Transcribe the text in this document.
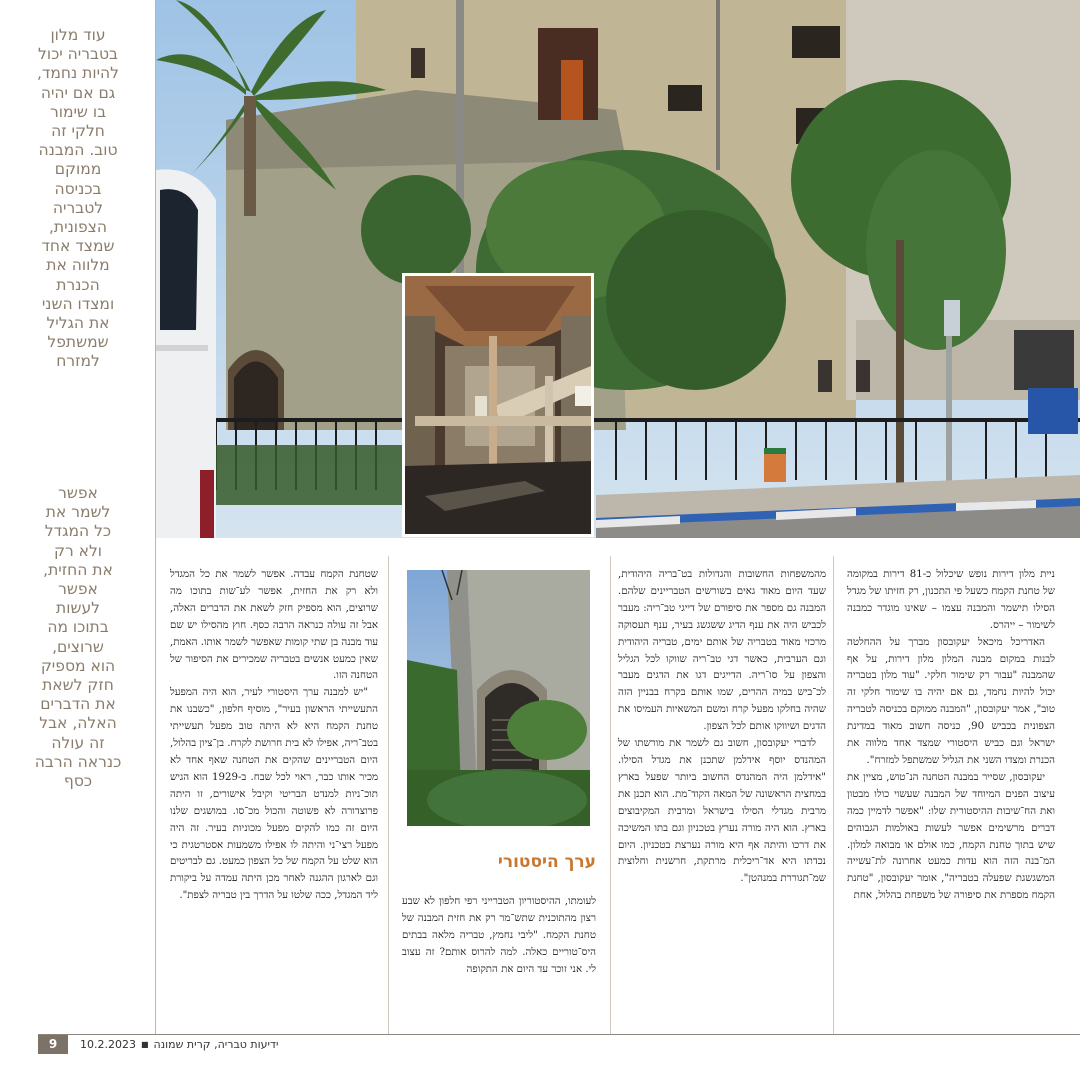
עוד מלון
בטבריה יכול
להיות נחמד,
גם אם יהיה
בו שימור
חלקי זה
טוב. המבנה
ממוקם
בכניסה
לטבריה
הצפונית,
שמצד אחד
מלווה את
הכנרת
ומצדו השני
את הגליל
שמשתפל
למזרח
אפשר
לשמר את
כל המגדל
ולא רק
את החזית,
אפשר
לעשות
בתוכו מה
שרוצים,
הוא מספיק
חזק לשאת
את הדברים
האלה, אבל
זה עולה
כנראה הרבה
כסף

ניית מלון דירות נופש שיכלול כ-81 דירות במקומה של טחנת הקמח כשעל פי התכנון, רק חזיתו של מגדל הסילו תישמר והמבנה עצמו – שאינו מוגדר כמבנה לשימור – ייהרס.

האדריכל מיכאל יעקובסון מברך על ההחלטה לבנות במקום מבנה המלון מלון דירות, על אף שהמבנה "עבור רק שימור חלקי. "עוד מלון בטבריה יכול להיות נחמד, גם אם יהיה בו שימור חלקי זה טוב", אמר יעקובסון, "המבנה ממוקם בכניסה לטבריה הצפונית בכביש 90, כניסה חשוב מאוד במדינת ישראל וגם כביש היסטורי שמצד אחד מלווה את הכנרת ומצדו השני את הגליל שמשתפל למזרח".

יעקובסון, שסייר במבנה הטחנה הנ־טוש, מציין את עיצוב הפנים המיוחד של המבנה שעשוי כולו מבטון ואת הח־שיבות ההיסטורית שלו: "אפשר לדמיין כמה דברים מרשימים אפשר לעשות באולמות הגבוהים שיש בתוך טחנת הקמח, כמו אולם או מבואה למלון. המ־בנה הזה הוא עדות כמעט אחרונה לת־עשייה המשגשגת שפעלה בטבריה", אומר יעקובסון, "טחנת הקמח מספרת את סיפורה של משפחת בהלול, אחת

מהמשפחות החשובות והגדולות בט־בריה היהודית, שעד היום מאוד גאים בשורשים הטבריינים שלהם. המבנה גם מספר את סיפורם של דייגי טב־ריה: מעבר לכביש היה את ענף הדיג ששגשג בעיר, ענף תעסוקה מרכזי מאוד בטבריה של אותם ימים, טבריה היהודית וגם הערבית, כאשר דגי טב־ריה שווקו לכל הגליל והצפון על סו־ריה. הדייגים דגו את הדגים מעבר לכ־ביש במיה ההרים, שמו אותם בקרח בבניין הזה שהיה בחלקו מפעל קרח ומשם המשאיות העמיסו את הדגים ושיווקו אותם לכל הצפון.

לדברי יעקובסון, חשוב גם לשמר את מורשתו של המהנדס יוסף אידלמן שתכנן את מגדל הסילו. "אידלמן היה המהנדס החשוב ביותר שפעל בארץ במחצית הראשונה של המאה הקוד־מת. הוא תכנן את מרבית מגדלי הסילו בישראל ומרבית המקיבוצים בארץ. הוא היה מורה נערץ בטכניון וגם בתו המשיכה את דרכו והיתה אף היא מורה נערצת בטכניון. היום נכדתו היא אד־ריכלית מרתקת, חרשנית וחלוצית שמ־תגוררת במנהטן".

ערך היסטורי

לעומתו, ההיסטוריון הטברייני רפי חלפון לא שבע רצון מהתוכנית שתש־מר רק את חזית המבנה של טחנת הקמח. "ליבי נחמץ, טבריה מלאה בבתים היס־טוריים כאלה. למה להרוס אותם? זה עצוב לי. אני זוכר עד היום את התקופה

שטחנת הקמח עבדה. אפשר לשמר את כל המגדל ולא רק את החזית, אפשר לע־שות בתוכו מה שרוצים, הוא מספיק חזק לשאת את הדברים האלה, אבל זה עולה כנראה הרבה כסף. חוץ מהסילו יש שם עוד מבנה בן שתי קומות שאפשר לשמר אותו. האמת, שאין כמעט אנשים בטבריה שמכירים את הסיפור של הטחנה הזו.

"יש למבנה ערך היסטורי לעיר, הוא היה המפעל התעשייתי הראשון בעיר", מוסיף חלפון, "כשבנו את טחנת הקמח היא לא היתה טוב מפעל תעשייתי בטב־ריה, אפילו לא בית חרושת לקרח. בן־ציון בהלול, היום הטבריינים שהקים את הטחנה שאף אחד לא מכיר אותו כבר, ראוי לכל שבח. ב-1929 הוא הגיש תוכ־ניות למנדט הבריטי וקיבל אישורים, זו היתה פרוצדורה לא פשוטה והכול מכ־סו. במושגים שלנו היום זה כמו להקים מפעל מכוניות בעיר. זה היה מפעל רצי־ני והיתה לו אפילו משמעות אסטרטגית כי הוא שלט על הקמח של כל הצפון כמעט. גם לבריטים וגם לארגון ההגנה לאחר מכן היתה עמדה על ביקורת ליד המגדל, ככה שלטו על הדרך בין טבריה לצפת".

9	ידיעות טבריה, קרית שמונה■10.2.2023
